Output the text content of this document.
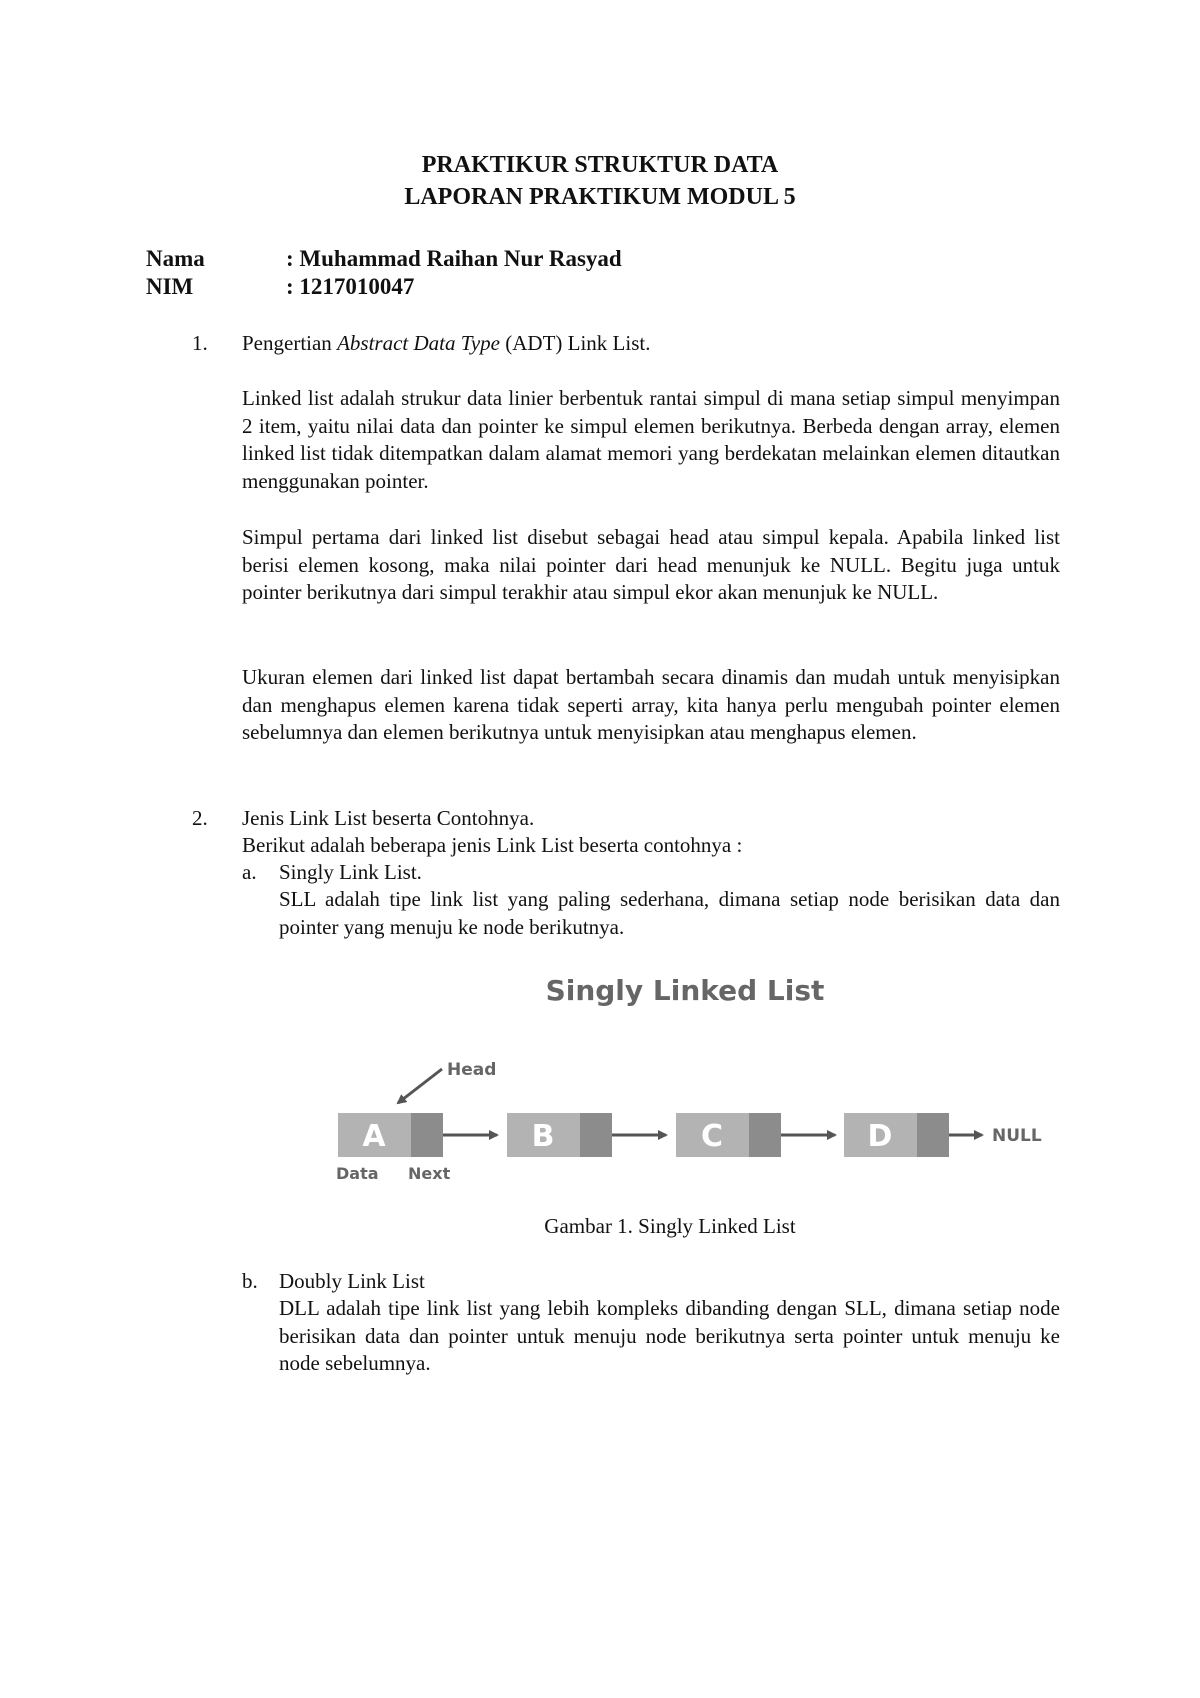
PRAKTIKUR STRUKTUR DATA
LAPORAN PRAKTIKUM MODUL 5
Nama	: Muhammad Raihan Nur Rasyad
NIM	: 1217010047
1. Pengertian Abstract Data Type (ADT) Link List.
Linked list adalah strukur data linier berbentuk rantai simpul di mana setiap simpul menyimpan 2 item, yaitu nilai data dan pointer ke simpul elemen berikutnya. Berbeda dengan array, elemen linked list tidak ditempatkan dalam alamat memori yang berdekatan melainkan elemen ditautkan menggunakan pointer.
Simpul pertama dari linked list disebut sebagai head atau simpul kepala. Apabila linked list berisi elemen kosong, maka nilai pointer dari head menunjuk ke NULL. Begitu juga untuk pointer berikutnya dari simpul terakhir atau simpul ekor akan menunjuk ke NULL.
Ukuran elemen dari linked list dapat bertambah secara dinamis dan mudah untuk menyisipkan dan menghapus elemen karena tidak seperti array, kita hanya perlu mengubah pointer elemen sebelumnya dan elemen berikutnya untuk menyisipkan atau menghapus elemen.
2. Jenis Link List beserta Contohnya.
Berikut adalah beberapa jenis Link List beserta contohnya :
a. Singly Link List.
SLL adalah tipe link list yang paling sederhana, dimana setiap node berisikan data dan pointer yang menuju ke node berikutnya.
Singly Linked List
Head
A	B	C	D	NULL
Data Next
Gambar 1. Singly Linked List
b. Doubly Link List
DLL adalah tipe link list yang lebih kompleks dibanding dengan SLL, dimana setiap node berisikan data dan pointer untuk menuju node berikutnya serta pointer untuk menuju ke node sebelumnya.
